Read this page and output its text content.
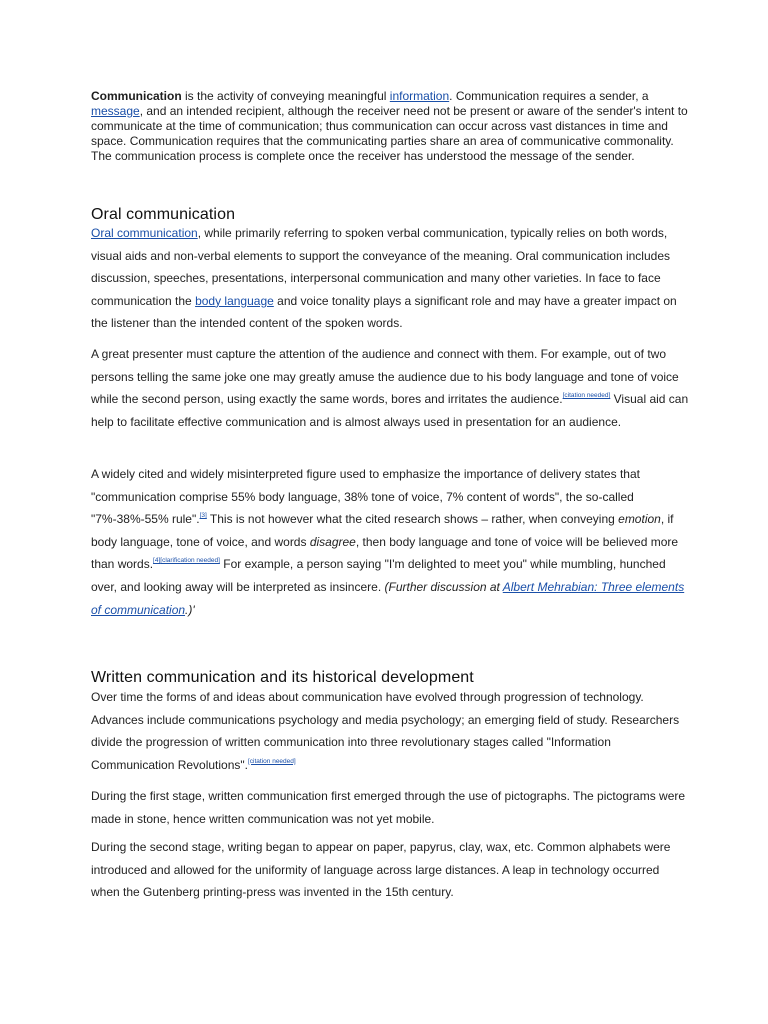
Communication is the activity of conveying meaningful information. Communication requires a sender, a message, and an intended recipient, although the receiver need not be present or aware of the sender's intent to communicate at the time of communication; thus communication can occur across vast distances in time and space. Communication requires that the communicating parties share an area of communicative commonality. The communication process is complete once the receiver has understood the message of the sender.

Oral communication

Oral communication, while primarily referring to spoken verbal communication, typically relies on both words, visual aids and non-verbal elements to support the conveyance of the meaning. Oral communication includes discussion, speeches, presentations, interpersonal communication and many other varieties. In face to face communication the body language and voice tonality plays a significant role and may have a greater impact on the listener than the intended content of the spoken words.

A great presenter must capture the attention of the audience and connect with them. For example, out of two persons telling the same joke one may greatly amuse the audience due to his body language and tone of voice while the second person, using exactly the same words, bores and irritates the audience.[citation needed] Visual aid can help to facilitate effective communication and is almost always used in presentation for an audience.

A widely cited and widely misinterpreted figure used to emphasize the importance of delivery states that "communication comprise 55% body language, 38% tone of voice, 7% content of words", the so-called "7%-38%-55% rule".[3] This is not however what the cited research shows – rather, when conveying emotion, if body language, tone of voice, and words disagree, then body language and tone of voice will be believed more than words.[4][clarification needed] For example, a person saying "I'm delighted to meet you" while mumbling, hunched over, and looking away will be interpreted as insincere. (Further discussion at Albert Mehrabian: Three elements of communication.)'

Written communication and its historical development

Over time the forms of and ideas about communication have evolved through progression of technology. Advances include communications psychology and media psychology; an emerging field of study. Researchers divide the progression of written communication into three revolutionary stages called "Information Communication Revolutions".[citation needed]

During the first stage, written communication first emerged through the use of pictographs. The pictograms were made in stone, hence written communication was not yet mobile.

During the second stage, writing began to appear on paper, papyrus, clay, wax, etc. Common alphabets were introduced and allowed for the uniformity of language across large distances. A leap in technology occurred when the Gutenberg printing-press was invented in the 15th century.
